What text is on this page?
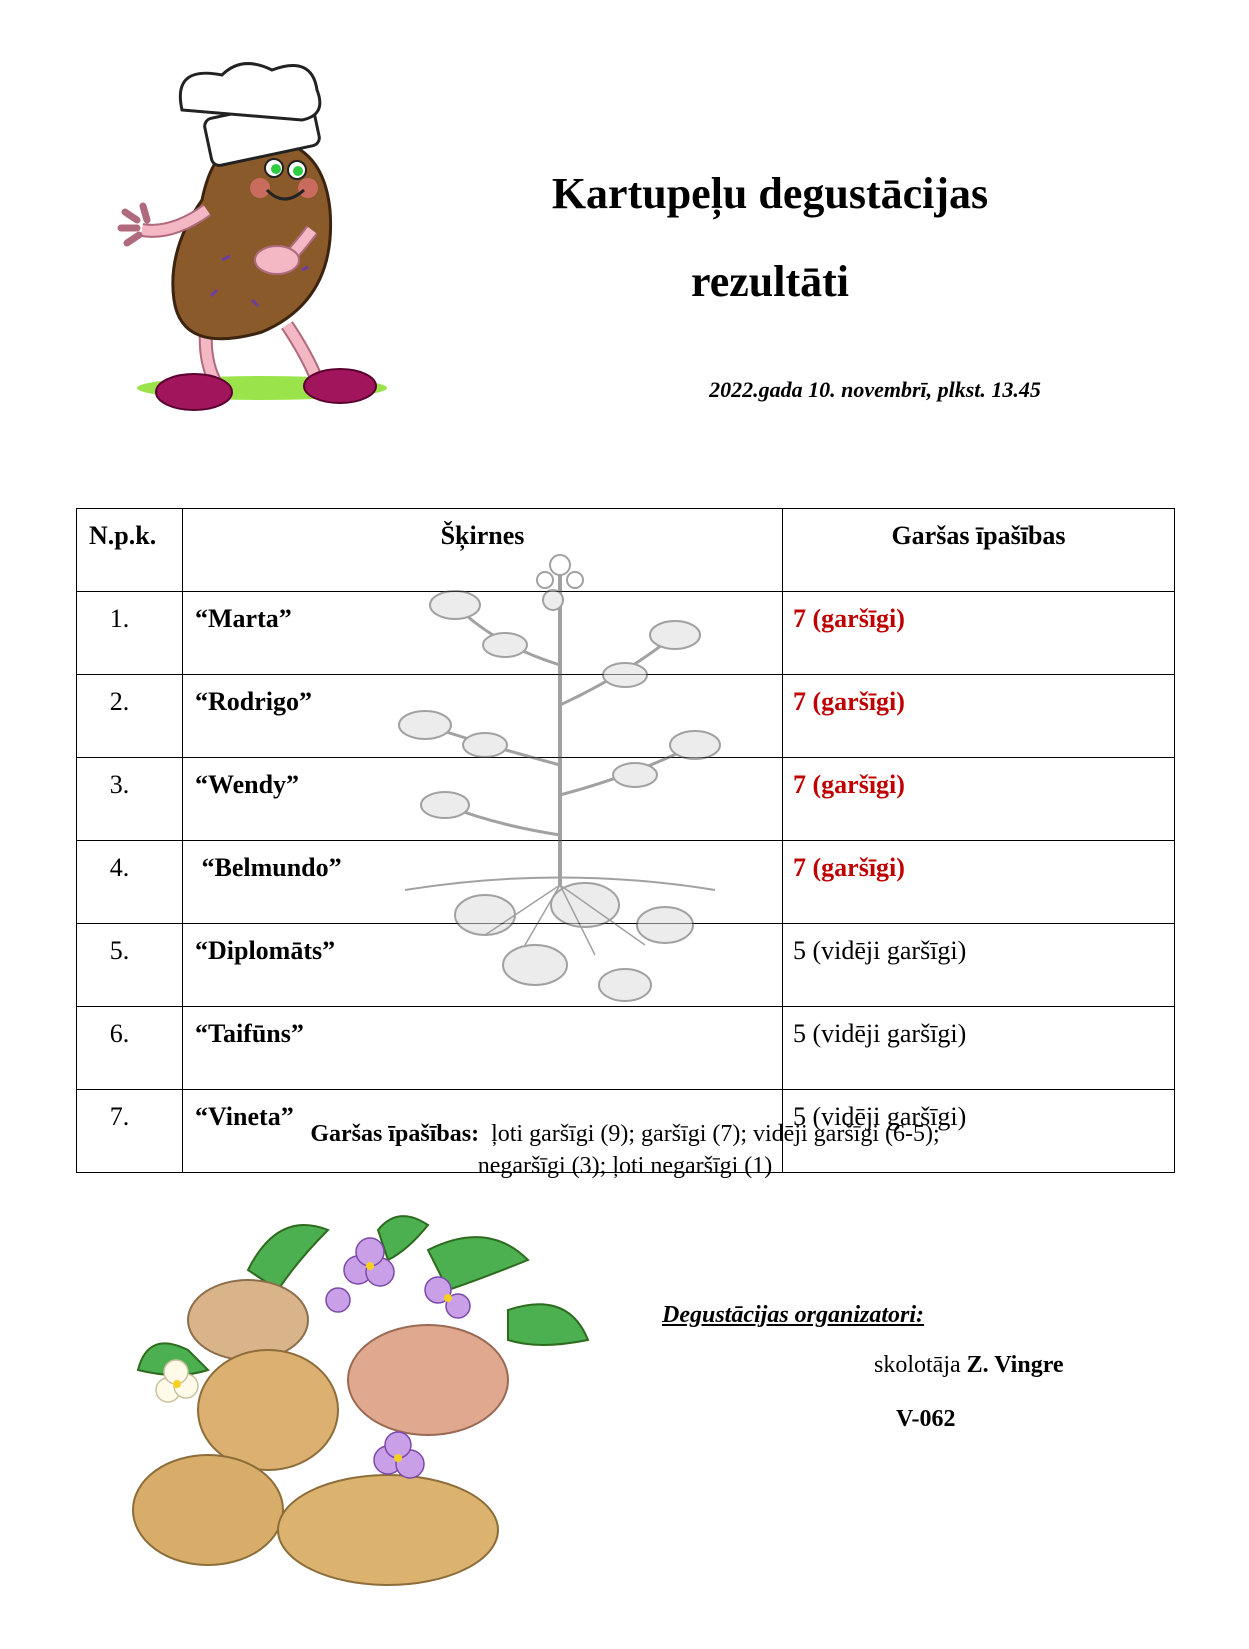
Kartupeļu degustācijas
rezultāti
2022.gada 10. novembrī, plkst. 13.45
N.p.k.	Šķirnes	Garšas īpašības
1.	“Marta”	7 (garšīgi)
2.	“Rodrigo”	7 (garšīgi)
3.	“Wendy”	7 (garšīgi)
4.	“Belmundo”	7 (garšīgi)
5.	“Diplomāts”	5 (vidēji garšīgi)
6.	“Taifūns”	5 (vidēji garšīgi)
7.	“Vineta”	5 (vidēji garšīgi)
Garšas īpašības: ļoti garšīgi (9); garšīgi (7); vidēji garšīgi (6-5);
negaršīgi (3); ļoti negaršīgi (1)
Degustācijas organizatori:
skolotāja Z. Vingre
V-062
